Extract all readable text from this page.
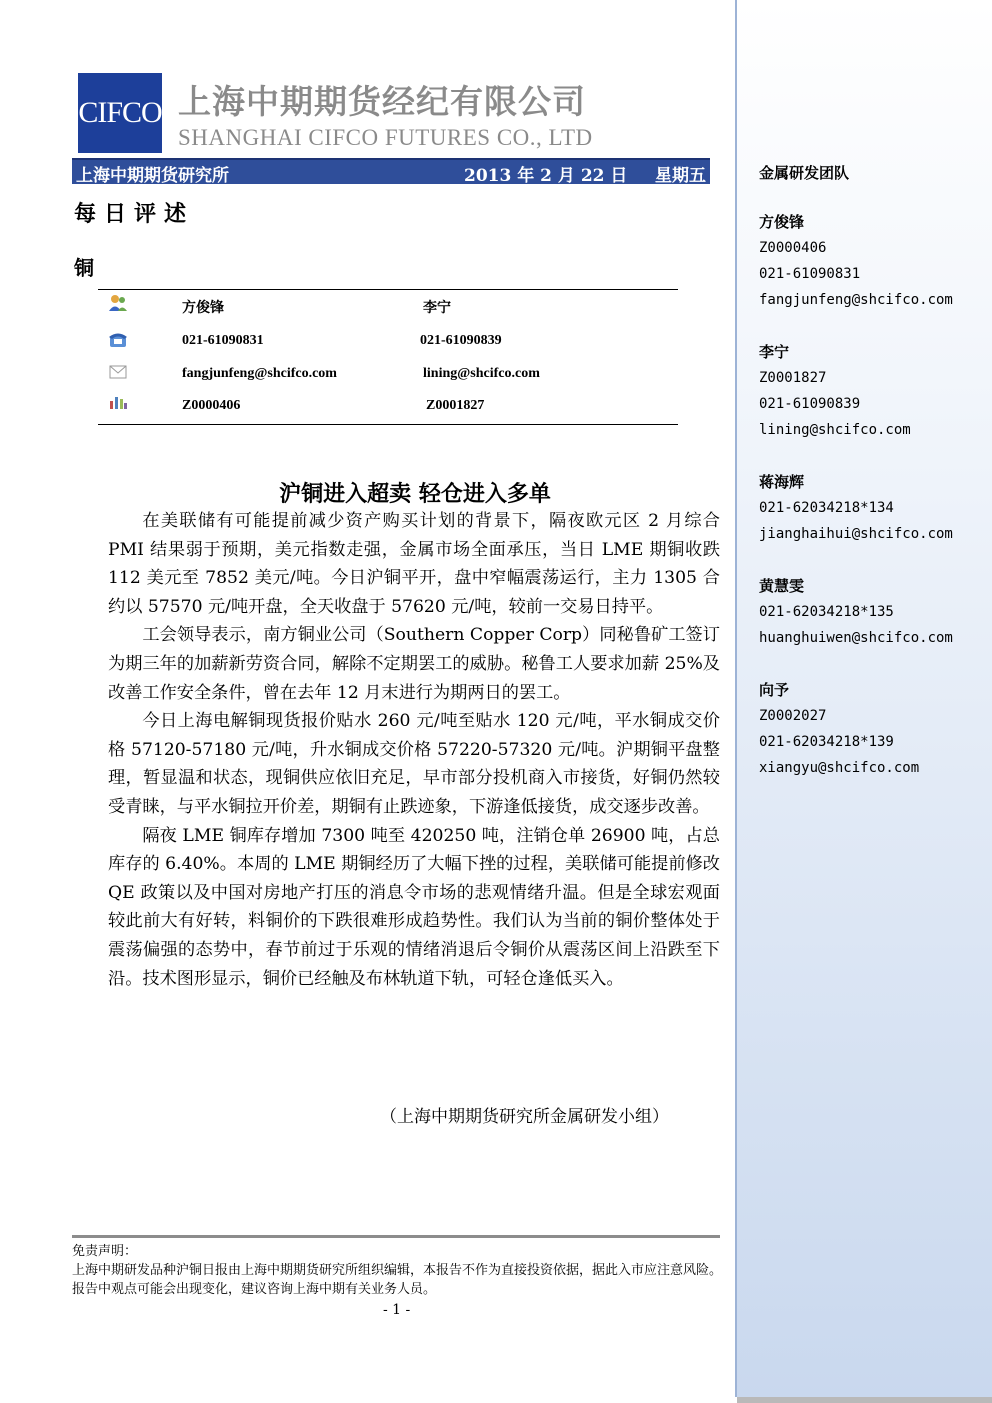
金属研发团队
方俊锋
Z0000406
021-61090831
fangjunfeng@shcifco.com
李宁
Z0001827
021-61090839
lining@shcifco.com
蒋海辉
021-62034218*134
jianghaihui@shcifco.com
黄慧雯
021-62034218*135
huanghuiwen@shcifco.com
向予
Z0002027
021-62034218*139
xiangyu@shcifco.com
CIFCO 上海中期期货经纪有限公司
SHANGHAI CIFCO FUTURES CO., LTD
上海中期期货研究所	2013 年 2 月 22 日 星期五
每日评述
铜
方俊锋	李宁
021-61090831	021-61090839
fangjunfeng@shcifco.com	lining@shcifco.com
Z0000406	Z0001827
沪铜进入超卖 轻仓进入多单

在美联储有可能提前减少资产购买计划的背景下，隔夜欧元区 2 月综合 PMI 结果弱于预期，美元指数走强，金属市场全面承压，当日 LME 期铜收跌 112 美元至 7852 美元/吨。今日沪铜平开，盘中窄幅震荡运行，主力 1305 合约以 57570 元/吨开盘，全天收盘于 57620 元/吨，较前一交易日持平。

工会领导表示，南方铜业公司（Southern Copper Corp）同秘鲁矿工签订为期三年的加薪新劳资合同，解除不定期罢工的威胁。秘鲁工人要求加薪 25%及改善工作安全条件，曾在去年 12 月末进行为期两日的罢工。

今日上海电解铜现货报价贴水 260 元/吨至贴水 120 元/吨，平水铜成交价格 57120-57180 元/吨，升水铜成交价格 57220-57320 元/吨。沪期铜平盘整理，暂显温和状态，现铜供应依旧充足，早市部分投机商入市接货，好铜仍然较受青睐，与平水铜拉开价差，期铜有止跌迹象，下游逢低接货，成交逐步改善。

隔夜 LME 铜库存增加 7300 吨至 420250 吨，注销仓单 26900 吨，占总库存的 6.40%。本周的 LME 期铜经历了大幅下挫的过程，美联储可能提前修改 QE 政策以及中国对房地产打压的消息令市场的悲观情绪升温。但是全球宏观面较此前大有好转，料铜价的下跌很难形成趋势性。我们认为当前的铜价整体处于震荡偏强的态势中，春节前过于乐观的情绪消退后令铜价从震荡区间上沿跌至下沿。技术图形显示，铜价已经触及布林轨道下轨，可轻仓逢低买入。

（上海中期期货研究所金属研发小组）
免责声明：
上海中期研发品种沪铜日报由上海中期期货研究所组织编辑，本报告不作为直接投资依据，据此入市应注意风险。报告中观点可能会出现变化，建议咨询上海中期有关业务人员。
- 1 -
